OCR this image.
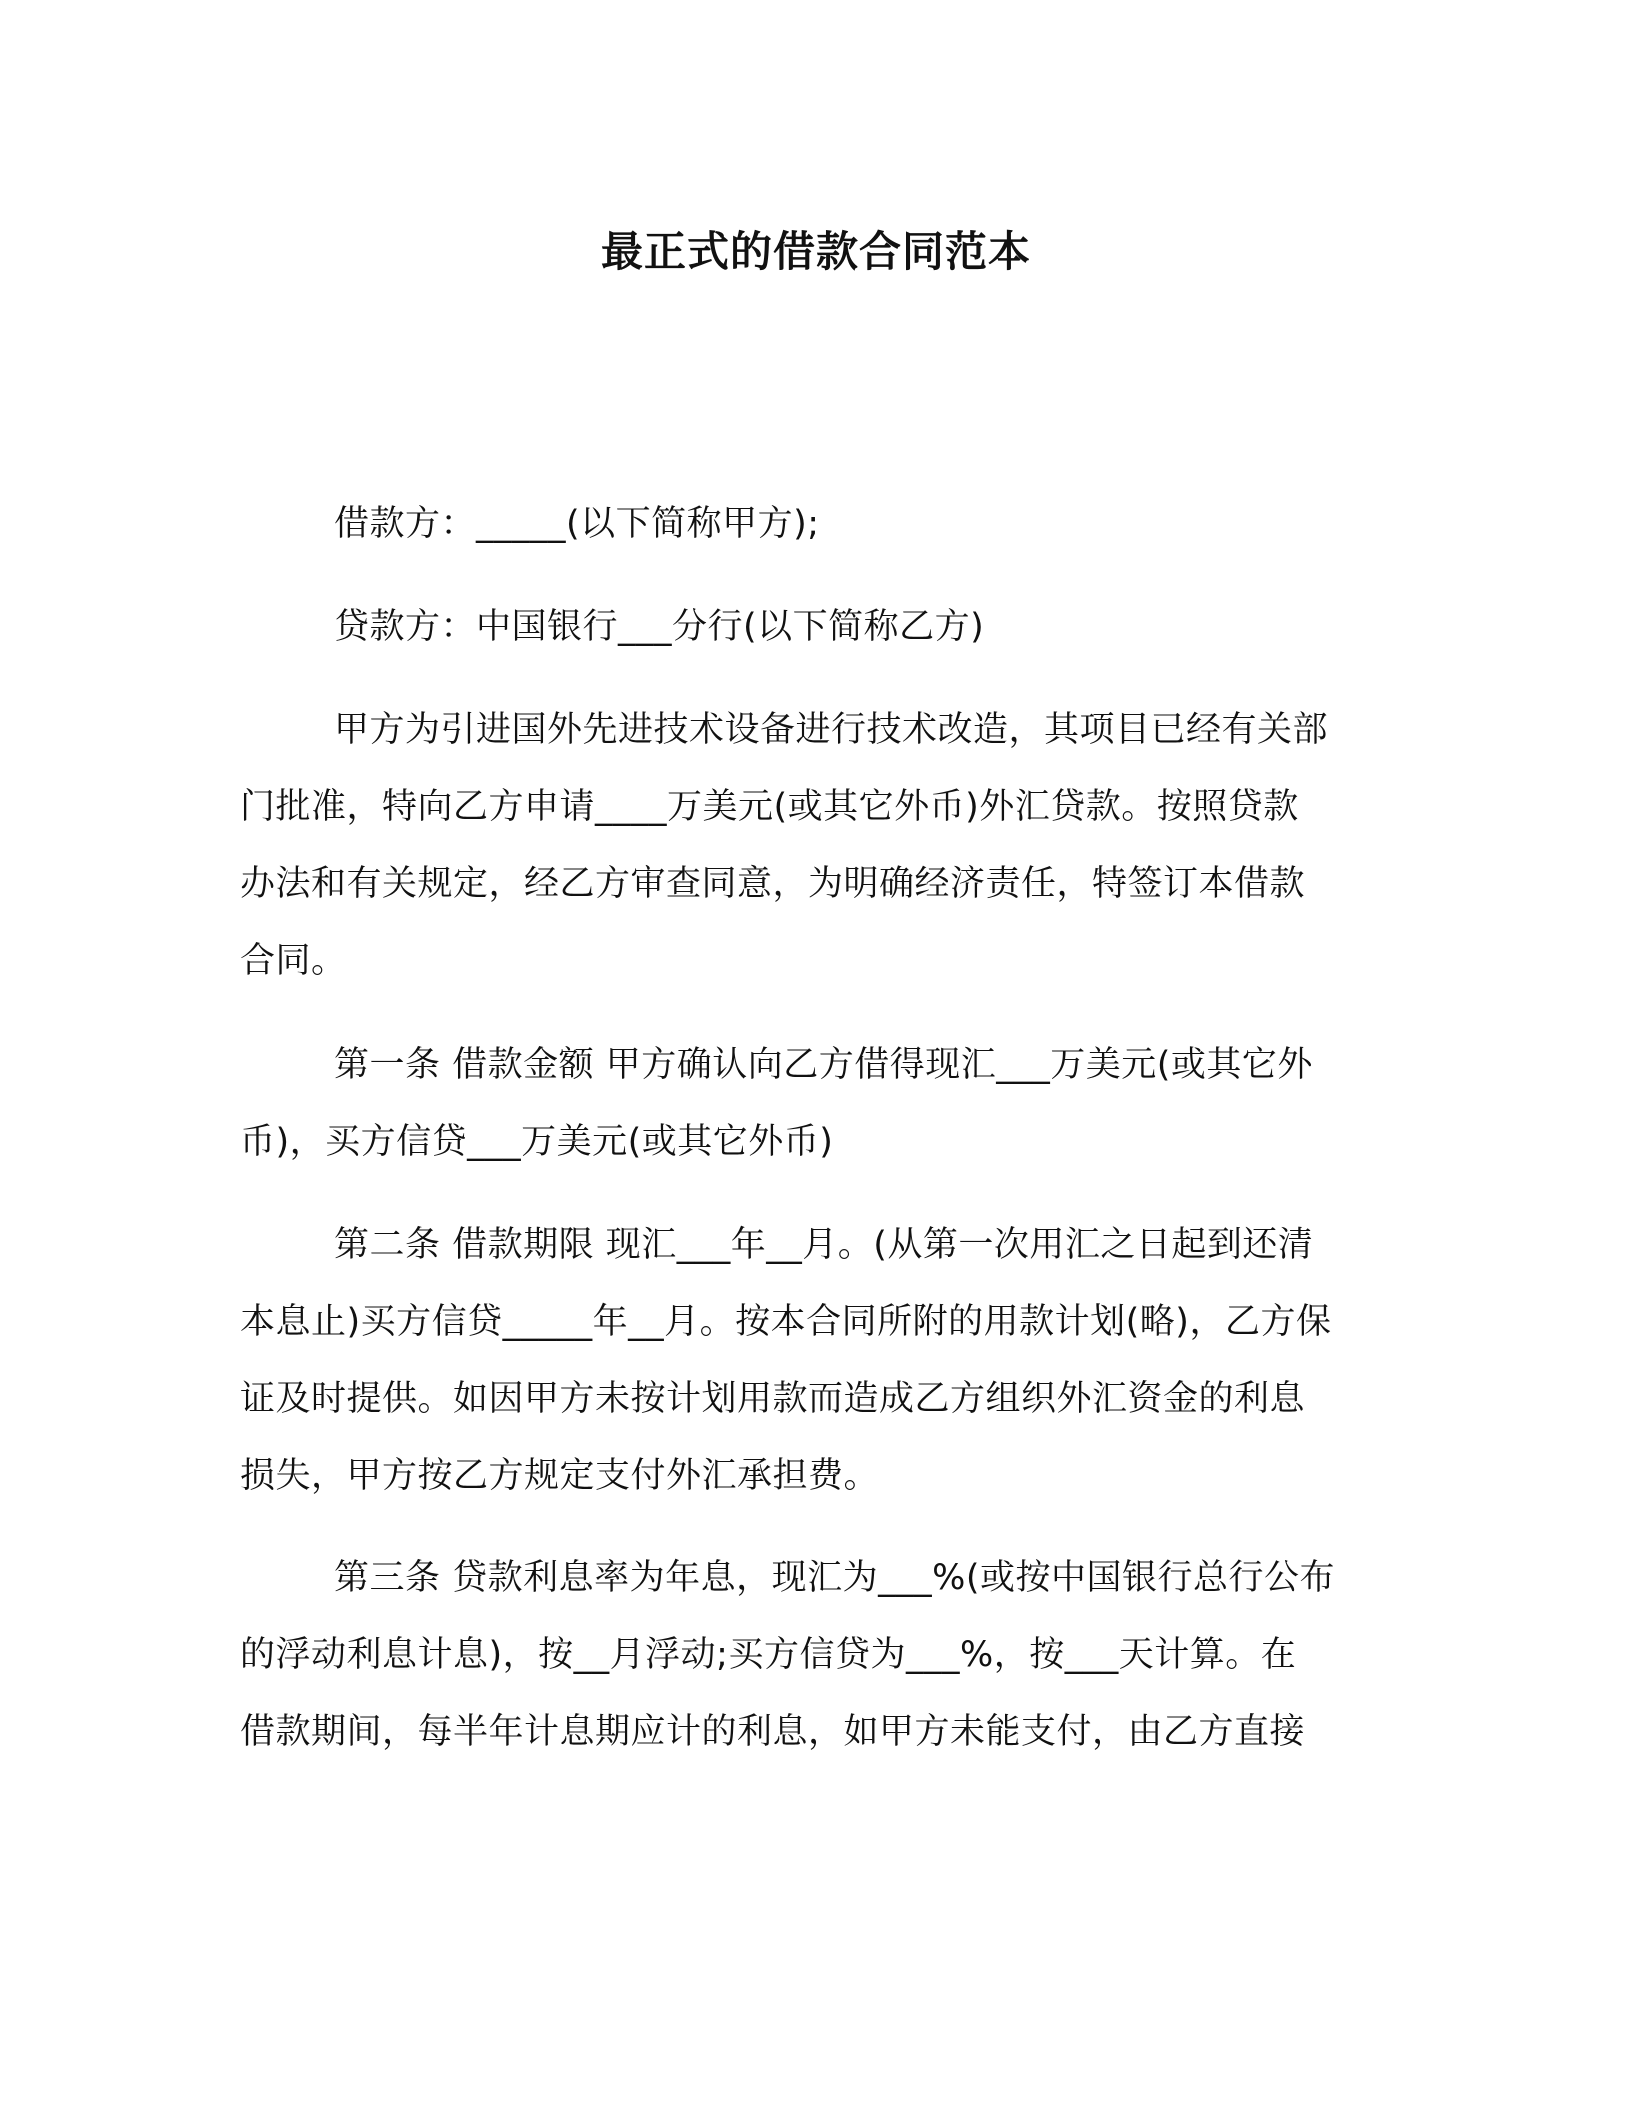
最正式的借款合同范本
借款方：_____(以下简称甲方);
贷款方：中国银行___分行(以下简称乙方)
甲方为引进国外先进技术设备进行技术改造，其项目已经有关部
门批准，特向乙方申请____万美元(或其它外币)外汇贷款。按照贷款
办法和有关规定，经乙方审查同意，为明确经济责任，特签订本借款
合同。
第一条 借款金额 甲方确认向乙方借得现汇___万美元(或其它外
币)，买方信贷___万美元(或其它外币)
第二条 借款期限 现汇___年__月。(从第一次用汇之日起到还清
本息止)买方信贷_____年__月。按本合同所附的用款计划(略)，乙方保
证及时提供。如因甲方未按计划用款而造成乙方组织外汇资金的利息
损失，甲方按乙方规定支付外汇承担费。
第三条 贷款利息率为年息，现汇为___%(或按中国银行总行公布
的浮动利息计息)，按__月浮动;买方信贷为___%，按___天计算。在
借款期间，每半年计息期应计的利息，如甲方未能支付，由乙方直接
